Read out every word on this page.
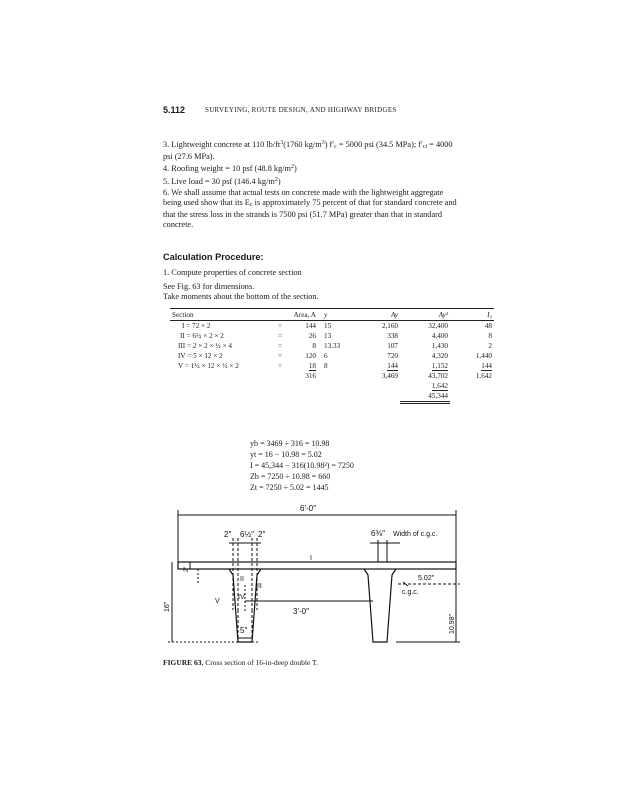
5.112	SURVEYING, ROUTE DESIGN, AND HIGHWAY BRIDGES
3. Lightweight concrete at 110 $lb/ft^3(1760$ $kg/m^3$) f′c = 5000 psi (34.5 MPa); f′ci = 4000
psi (27.6 MPa).
4. Roofing weight = 10 psf (48.8 $kg/m^2$)
5. Live load = 30 psf (146.4 $kg/m^2$)
6. We shall assume that actual tests on concrete made with the lightweight aggregate
being used show that its Ec is approximately 75 percent of that for standard concrete and
that the stress loss in the strands is 7500 psi (51.7 MPa) greater than that in standard
concrete.
Calculation Procedure:
1. Compute properties of concrete section
See Fig. 63 for dimensions.
Take moments about the bottom of the section.
Section		Area, A	y	Ay	Ay²	I₀
I = 72 × 2	=	144	15	2,160	32,400	48
II = 6½ × 2 × 2	=	26	13	338	4,400	8
III = 2 × 2 × ½ × 4	=	8	13.33	107	1,430	2
IV = 5 × 12 × 2	=	120	6	720	4,320	1,440
V = 1½ × 12 × ½ × 2	=	18	8	144	1,152	144
		316		3,469	43,702	1,642
					1,642	
					45,344	
yb = 3469 ÷ 316 = 10.98
yt = 16 − 10.98 = 5.02
I = 45,344 − 316(10.98²) = 7250
Zb = 7250 ÷ 10.98 = 660
Zt = 7250 ÷ 5.02 = 1445
6′-0″
2″ 6½″ 2″	6⅜″ Width of c.g.c.
I
II
III
IV
V
3′-0″
5″
5.02″
c.g.c.
16″
2″
10.98″
FIGURE 63. Cross section of 16-in-deep double T.
